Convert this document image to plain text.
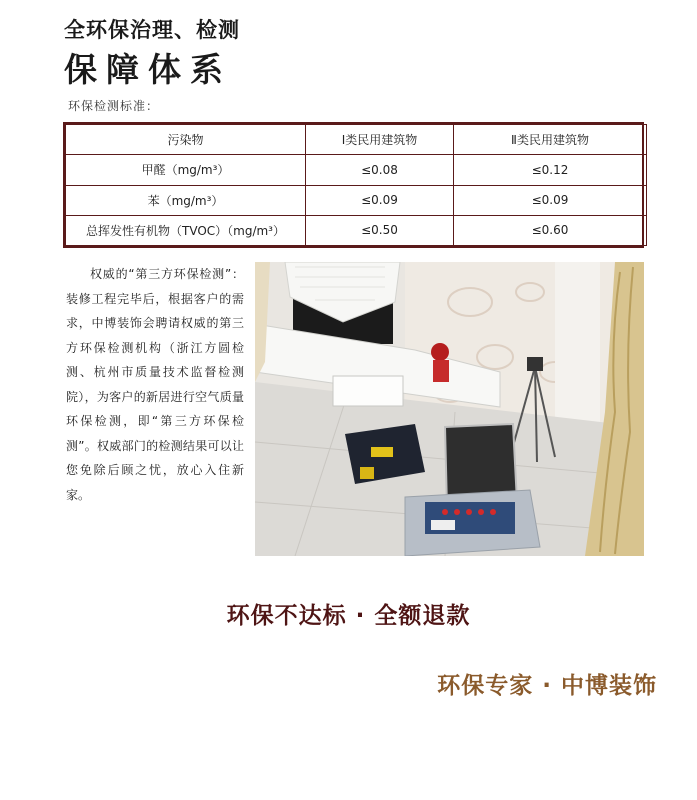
全环保治理、检测
保障体系
环保检测标准：
污染物	Ⅰ类民用建筑物	Ⅱ类民用建筑物
甲醛（mg/m³）	≤0.08	≤0.12
苯（mg/m³）	≤0.09	≤0.09
总挥发性有机物（TVOC）（mg/m³）	≤0.50	≤0.60
权威的“第三方环保检测”：装修工程完毕后，根据客户的需求，中博装饰会聘请权威的第三方环保检测机构（浙江方圆检测、杭州市质量技术监督检测院），为客户的新居进行空气质量环保检测，即“第三方环保检测”。权威部门的检测结果可以让您免除后顾之忧，放心入住新家。
环保不达标 · 全额退款
环保专家 · 中博装饰
